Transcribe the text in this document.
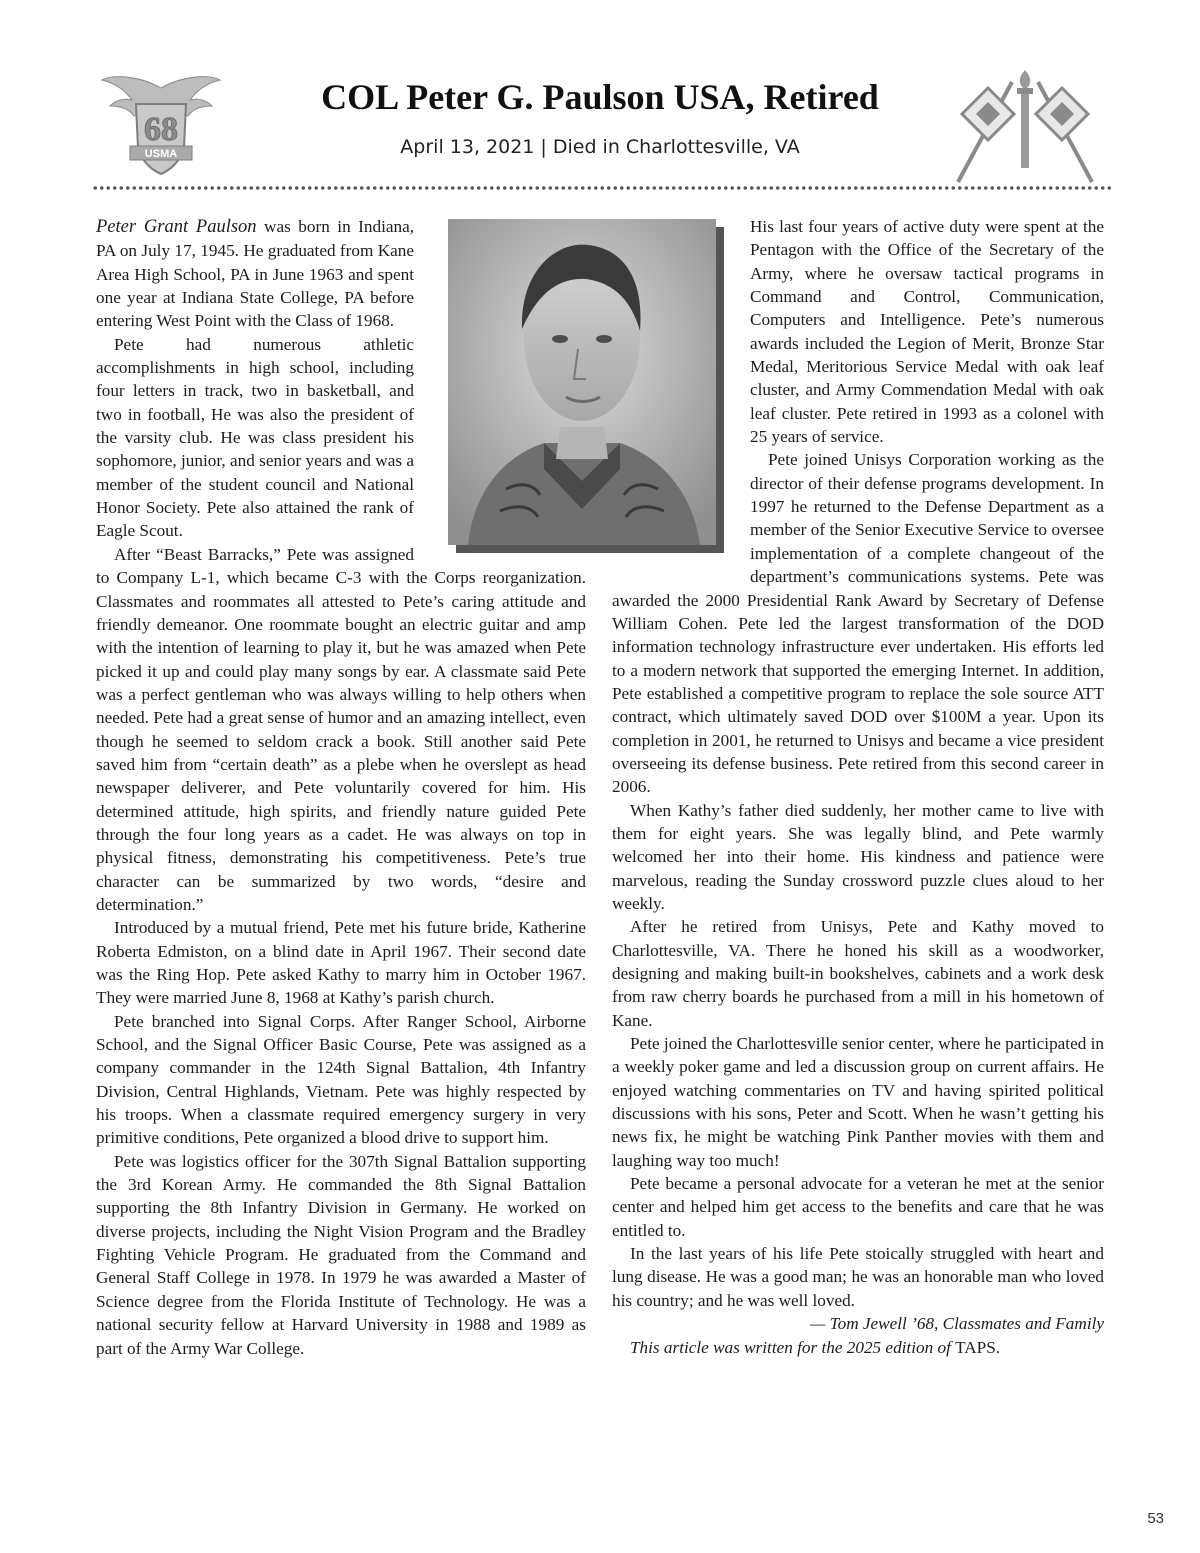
68
USMA
COL Peter G. Paulson USA, Retired
April 13, 2021 | Died in Charlottesville, VA

Peter Grant Paulson was born in Indiana, PA on July 17, 1945. He graduated from Kane Area High School, PA in June 1963 and spent one year at Indiana State College, PA before entering West Point with the Class of 1968.

Pete had numerous athletic accomplishments in high school, including four letters in track, two in basketball, and two in football, He was also the president of the varsity club. He was class president his sophomore, junior, and senior years and was a member of the student council and National Honor Society. Pete also attained the rank of Eagle Scout.

After “Beast Barracks,” Pete was assigned to Company L-1, which became C-3 with the Corps reorganization. Classmates and roommates all attested to Pete’s caring attitude and friendly demeanor. One roommate bought an electric guitar and amp with the intention of learning to play it, but he was amazed when Pete picked it up and could play many songs by ear. A classmate said Pete was a perfect gentleman who was always willing to help others when needed. Pete had a great sense of humor and an amazing intellect, even though he seemed to seldom crack a book. Still another said Pete saved him from “certain death” as a plebe when he overslept as head newspaper deliverer, and Pete voluntarily covered for him. His determined attitude, high spirits, and friendly nature guided Pete through the four long years as a cadet. He was always on top in physical fitness, demonstrating his competitiveness. Pete’s true character can be summarized by two words, “desire and determination.”

Introduced by a mutual friend, Pete met his future bride, Katherine Roberta Edmiston, on a blind date in April 1967. Their second date was the Ring Hop. Pete asked Kathy to marry him in October 1967. They were married June 8, 1968 at Kathy’s parish church.

Pete branched into Signal Corps. After Ranger School, Airborne School, and the Signal Officer Basic Course, Pete was assigned as a company commander in the 124th Signal Battalion, 4th Infantry Division, Central Highlands, Vietnam. Pete was highly respected by his troops. When a classmate required emergency surgery in very primitive conditions, Pete organized a blood drive to support him.

Pete was logistics officer for the 307th Signal Battalion supporting the 3rd Korean Army. He commanded the 8th Signal Battalion supporting the 8th Infantry Division in Germany. He worked on diverse projects, including the Night Vision Program and the Bradley Fighting Vehicle Program. He graduated from the Command and General Staff College in 1978. In 1979 he was awarded a Master of Science degree from the Florida Institute of Technology. He was a national security fellow at Harvard University in 1988 and 1989 as part of the Army War College.

His last four years of active duty were spent at the Pentagon with the Office of the Secretary of the Army, where he oversaw tactical programs in Command and Control, Communication, Computers and Intelligence. Pete’s numerous awards included the Legion of Merit, Bronze Star Medal, Meritorious Service Medal with oak leaf cluster, and Army Commendation Medal with oak leaf cluster. Pete retired in 1993 as a colonel with 25 years of service.

Pete joined Unisys Corporation working as the director of their defense programs development. In 1997 he returned to the Defense Department as a member of the Senior Executive Service to oversee implementation of a complete changeout of the department’s communications systems. Pete was awarded the 2000 Presidential Rank Award by Secretary of Defense William Cohen. Pete led the largest transformation of the DOD information technology infrastructure ever undertaken. His efforts led to a modern network that supported the emerging Internet. In addition, Pete established a competitive program to replace the sole source ATT contract, which ultimately saved DOD over $100M a year. Upon its completion in 2001, he returned to Unisys and became a vice president overseeing its defense business. Pete retired from this second career in 2006.

When Kathy’s father died suddenly, her mother came to live with them for eight years. She was legally blind, and Pete warmly welcomed her into their home. His kindness and patience were marvelous, reading the Sunday crossword puzzle clues aloud to her weekly.

After he retired from Unisys, Pete and Kathy moved to Charlottesville, VA. There he honed his skill as a woodworker, designing and making built-in bookshelves, cabinets and a work desk from raw cherry boards he purchased from a mill in his hometown of Kane.

Pete joined the Charlottesville senior center, where he participated in a weekly poker game and led a discussion group on current affairs. He enjoyed watching commentaries on TV and having spirited political discussions with his sons, Peter and Scott. When he wasn’t getting his news fix, he might be watching Pink Panther movies with them and laughing way too much!

Pete became a personal advocate for a veteran he met at the senior center and helped him get access to the benefits and care that he was entitled to.

In the last years of his life Pete stoically struggled with heart and lung disease. He was a good man; he was an honorable man who loved his country; and he was well loved.

— Tom Jewell ’68, Classmates and Family

This article was written for the 2025 edition of TAPS.

53
